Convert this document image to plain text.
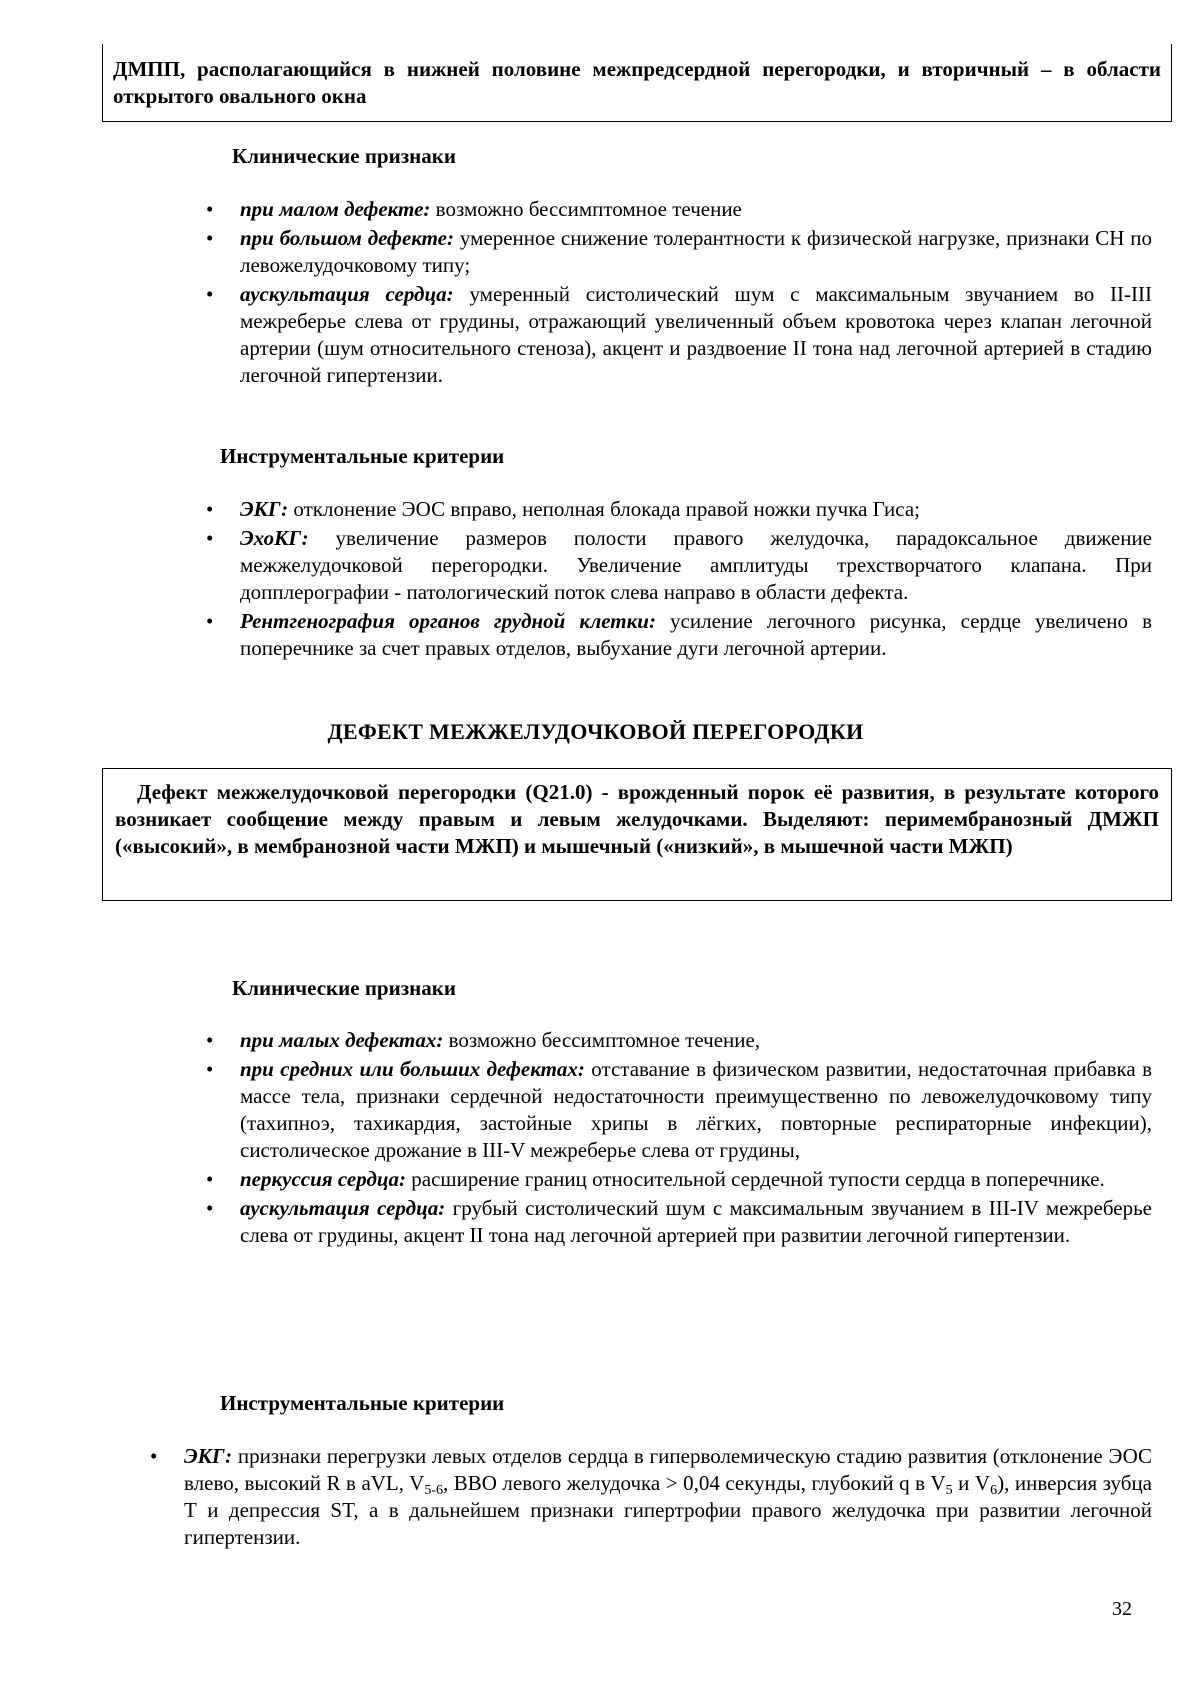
ДМПП, располагающийся в нижней половине межпредсердной перегородки, и вторичный – в области открытого овального окна

Клинические признаки
• при малом дефекте: возможно бессимптомное течение
• при большом дефекте: умеренное снижение толерантности к физической нагрузке, признаки СН по левожелудочковому типу;
• аускультация сердца: умеренный систолический шум с максимальным звучанием во II-III межреберье слева от грудины, отражающий увеличенный объем кровотока через клапан легочной артерии (шум относительного стеноза), акцент и раздвоение II тона над легочной артерией в стадию легочной гипертензии.
Инструментальные критерии
• ЭКГ: отклонение ЭОС вправо, неполная блокада правой ножки пучка Гиса;
• ЭхоКГ: увеличение размеров полости правого желудочка, парадоксальное движение межжелудочковой перегородки. Увеличение амплитуды трехстворчатого клапана. При допплерографии - патологический поток слева направо в области дефекта.
• Рентгенография органов грудной клетки: усиление легочного рисунка, сердце увеличено в поперечнике за счет правых отделов, выбухание дуги легочной артерии.
ДЕФЕКТ МЕЖЖЕЛУДОЧКОВОЙ ПЕРЕГОРОДКИ

Дефект межжелудочковой перегородки (Q21.0) - врожденный порок её развития, в результате которого возникает сообщение между правым и левым желудочками. Выделяют: перимембранозный ДМЖП («высокий», в мембранозной части МЖП) и мышечный («низкий», в мышечной части МЖП)

Клинические признаки
• при малых дефектах: возможно бессимптомное течение,
• при средних или больших дефектах: отставание в физическом развитии, недостаточная прибавка в массе тела, признаки сердечной недостаточности преимущественно по левожелудочковому типу (тахипноэ, тахикардия, застойные хрипы в лёгких, повторные респираторные инфекции), систолическое дрожание в III-V межреберье слева от грудины,
• перкуссия сердца: расширение границ относительной сердечной тупости сердца в поперечнике.
• аускультация сердца: грубый систолический шум с максимальным звучанием в III-IV межреберье слева от грудины, акцент II тона над легочной артерией при развитии легочной гипертензии.
Инструментальные критерии
• ЭКГ: признаки перегрузки левых отделов сердца в гиперволемическую стадию развития (отклонение ЭОС влево, высокий R в aVL, $V_{5-6}$, ВВО левого желудочка > 0,04 секунды, глубокий q в $V_5$ и $V_6$), инверсия зубца Т и депрессия ST, а в дальнейшем признаки гипертрофии правого желудочка при развитии легочной гипертензии.
32
